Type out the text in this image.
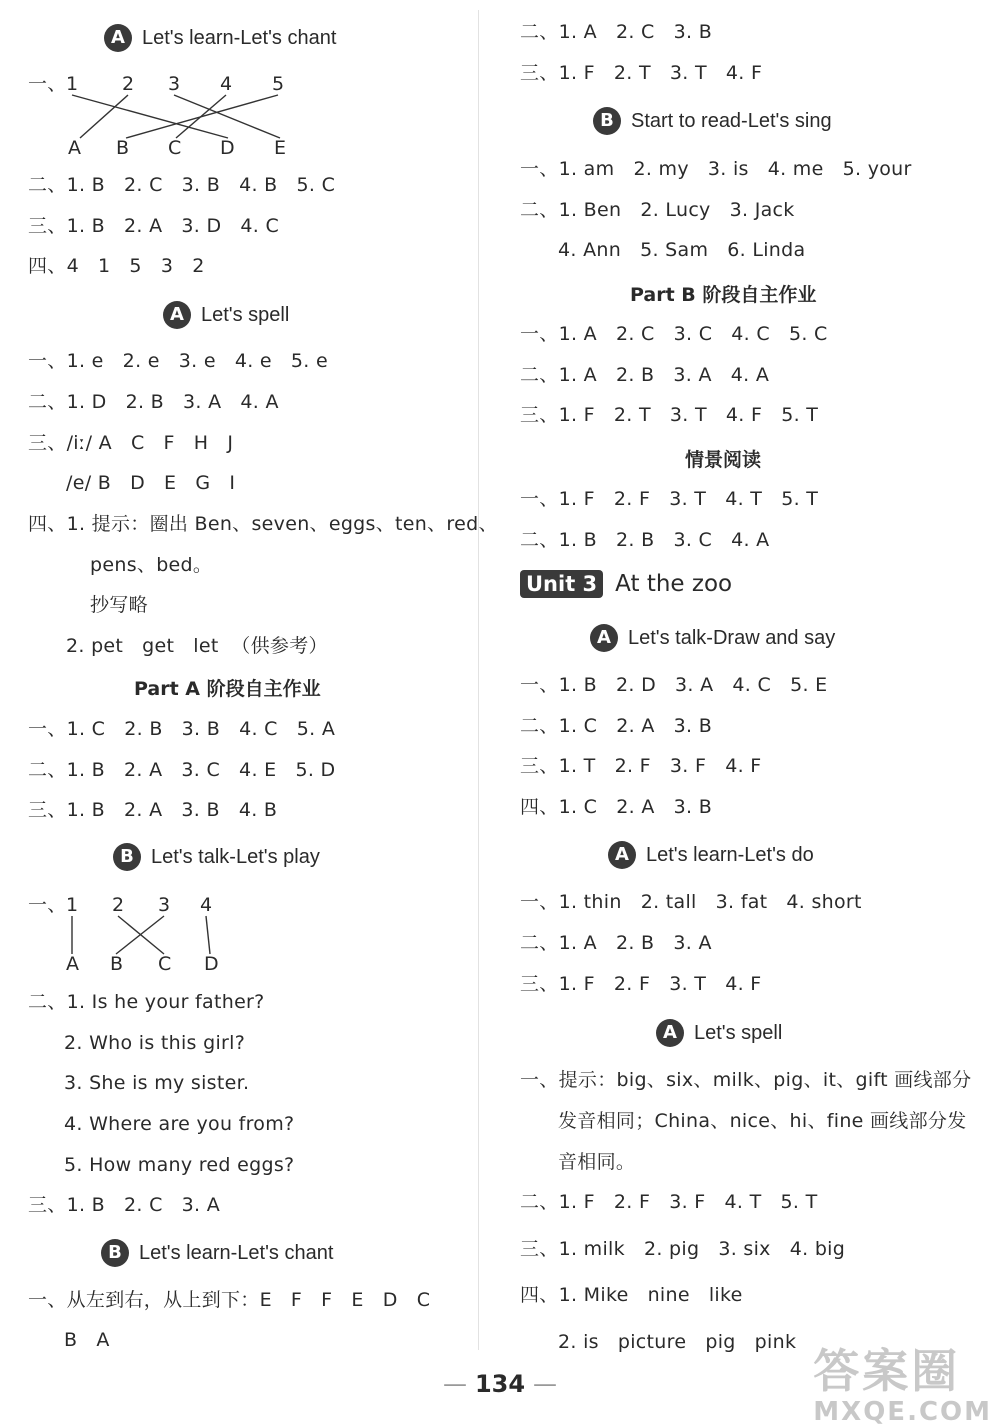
A Let's learn-Let's chant
一、 1 2 3 4 5
A B C D E
二、1. B   2. C   3. B   4. B   5. C
三、1. B   2. A   3. D   4. C
四、4   1   5   3   2
A Let's spell
一、1. e   2. e   3. e   4. e   5. e
二、1. D   2. B   3. A   4. A
三、/iː/ A   C   F   H   J
/e/ B   D   E   G   I
四、1. 提示：圈出 Ben、seven、eggs、ten、red、
pens、bed。
抄写略
2. pet   get   let  （供参考）
Part A 阶段自主作业
一、1. C   2. B   3. B   4. C   5. A
二、1. B   2. A   3. C   4. E   5. D
三、1. B   2. A   3. B   4. B
B Let's talk-Let's play
一、 1 2 3 4
A B C D
二、1. Is he your father?
2. Who is this girl?
3. She is my sister.
4. Where are you from?
5. How many red eggs?
三、1. B   2. C   3. A
B Let's learn-Let's chant
一、从左到右，从上到下：E   F   F   E   D   C
B   A
二、1. A   2. C   3. B
三、1. F   2. T   3. T   4. F
B Start to read-Let's sing
一、1. am   2. my   3. is   4. me   5. your
二、1. Ben   2. Lucy   3. Jack
4. Ann   5. Sam   6. Linda
Part B 阶段自主作业
一、1. A   2. C   3. C   4. C   5. C
二、1. A   2. B   3. A   4. A
三、1. F   2. T   3. T   4. F   5. T
情景阅读
一、1. F   2. F   3. T   4. T   5. T
二、1. B   2. B   3. C   4. A
Unit 3 At the zoo
A Let's talk-Draw and say
一、1. B   2. D   3. A   4. C   5. E
二、1. C   2. A   3. B
三、1. T   2. F   3. F   4. F
四、1. C   2. A   3. B
A Let's learn-Let's do
一、1. thin   2. tall   3. fat   4. short
二、1. A   2. B   3. A
三、1. F   2. F   3. T   4. F
A Let's spell
一、提示：big、six、milk、pig、it、gift 画线部分
发音相同；China、nice、hi、fine 画线部分发
音相同。
二、1. F   2. F   3. F   4. T   5. T
三、1. milk   2. pig   3. six   4. big
四、1. Mike   nine   like
2. is   picture   pig   pink
— 134 —	答案圈
MXQE.COM
